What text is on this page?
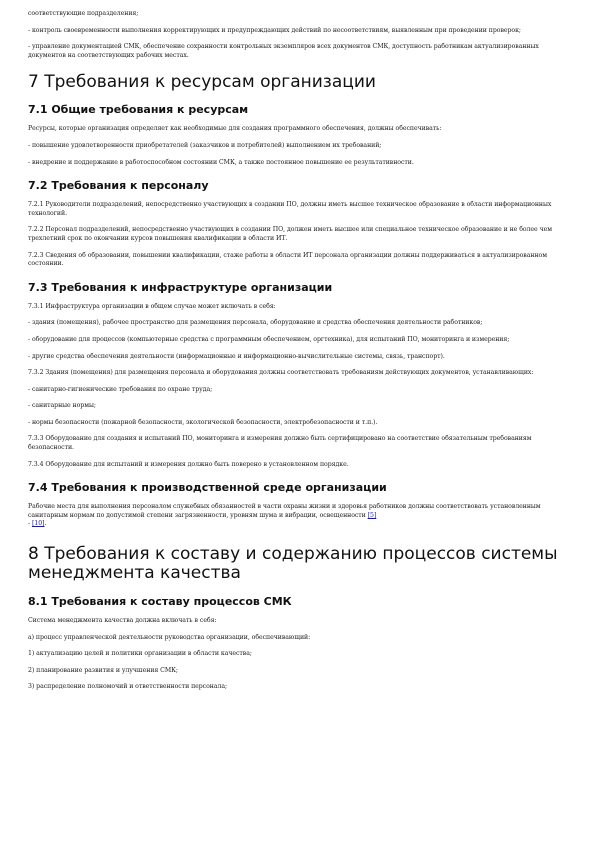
соответствующие подразделения;

- контроль своевременности выполнения корректирующих и предупреждающих действий по несоответствиям, выявленным при проведении проверок;

- управление документацией СМК, обеспечение сохранности контрольных экземпляров всех документов СМК, доступность работникам актуализированных документов на соответствующих рабочих местах.

7 Требования к ресурсам организации
7.1 Общие требования к ресурсам

Ресурсы, которые организация определяет как необходимые для создания программного обеспечения, должны обеспечивать:

- повышение удовлетворенности приобретателей (заказчиков и потребителей) выполнением их требований;

- внедрение и поддержание в работоспособном состоянии СМК, а также постоянное повышение ее результативности.

7.2 Требования к персоналу

7.2.1 Руководители подразделений, непосредственно участвующих в создании ПО, должны иметь высшее техническое образование в области информационных технологий.

7.2.2 Персонал подразделений, непосредственно участвующих в создании ПО, должен иметь высшее или специальное техническое образование и не более чем трехлетний срок по окончании курсов повышения квалификации в области ИТ.

7.2.3 Сведения об образовании, повышении квалификации, стаже работы в области ИТ персонала организации должны поддерживаться в актуализированном состоянии.

7.3 Требования к инфраструктуре организации

7.3.1 Инфраструктура организации в общем случае может включать в себя:

- здания (помещения), рабочее пространство для размещения персонала, оборудование и средства обеспечения деятельности работников;

- оборудование для процессов (компьютерные средства с программным обеспечением, оргтехника), для испытаний ПО, мониторинга и измерения;

- другие средства обеспечения деятельности (информационные и информационно-вычислительные системы, связь, транспорт).

7.3.2 Здания (помещения) для размещения персонала и оборудования должны соответствовать требованиям действующих документов, устанавливающих:

- санитарно-гигиенические требования по охране труда;

- санитарные нормы;

- нормы безопасности (пожарной безопасности, экологической безопасности, электробезопасности и т.п.).

7.3.3 Оборудование для создания и испытаний ПО, мониторинга и измерения должно быть сертифицировано на соответствие обязательным требованиям безопасности.

7.3.4 Оборудование для испытаний и измерения должно быть поверено в установленном порядке.

7.4 Требования к производственной среде организации

Рабочие места для выполнения персоналом служебных обязанностей в части охраны жизни и здоровья работников должны соответствовать установленным санитарным нормам по допустимой степени загрязненности, уровням шума и вибрации, освещенности [5]
- [10].

8 Требования к составу и содержанию процессов системы менеджмента качества
8.1 Требования к составу процессов СМК

Система менеджмента качества должна включать в себя:

а) процесс управленческой деятельности руководства организации, обеспечивающий:

1) актуализацию целей и политики организации в области качества;

2) планирование развития и улучшения СМК;

3) распределение полномочий и ответственности персонала;
